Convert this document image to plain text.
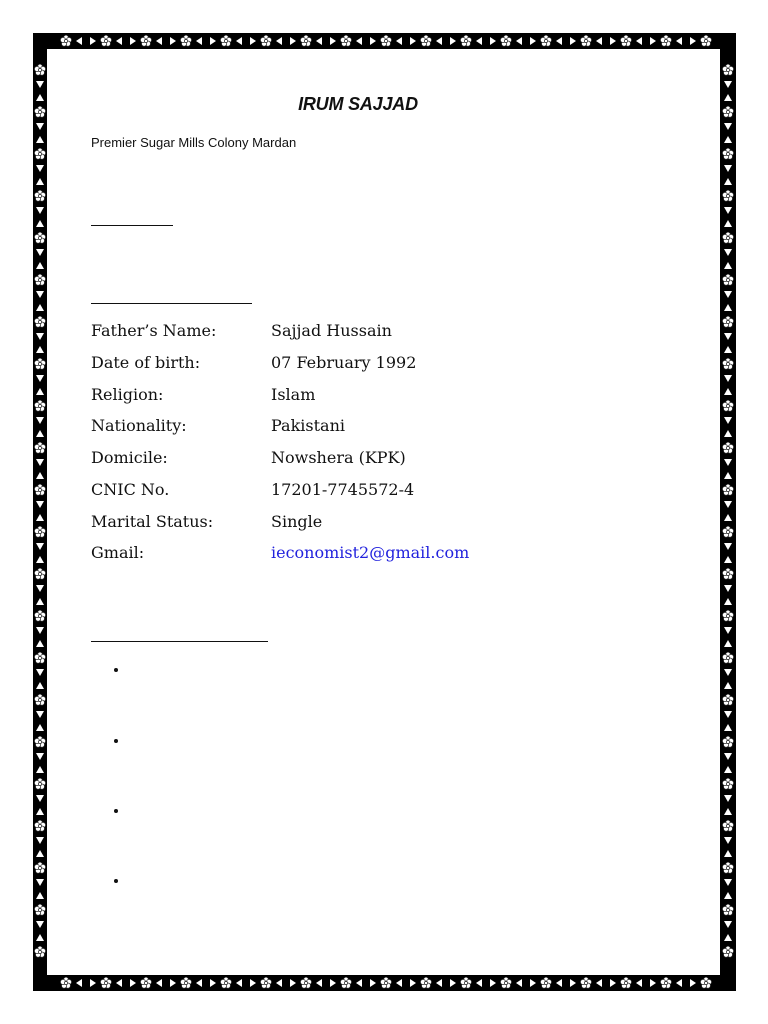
IRUM SAJJAD
Premier Sugar Mills Colony Mardan
Father’s Name:	Sajjad Hussain
Date of birth:	07 February 1992
Religion:	Islam
Nationality:	Pakistani
Domicile:	Nowshera (KPK)
CNIC No.	17201-7745572-4
Marital Status:	Single
Gmail:	ieconomist2@gmail.com
